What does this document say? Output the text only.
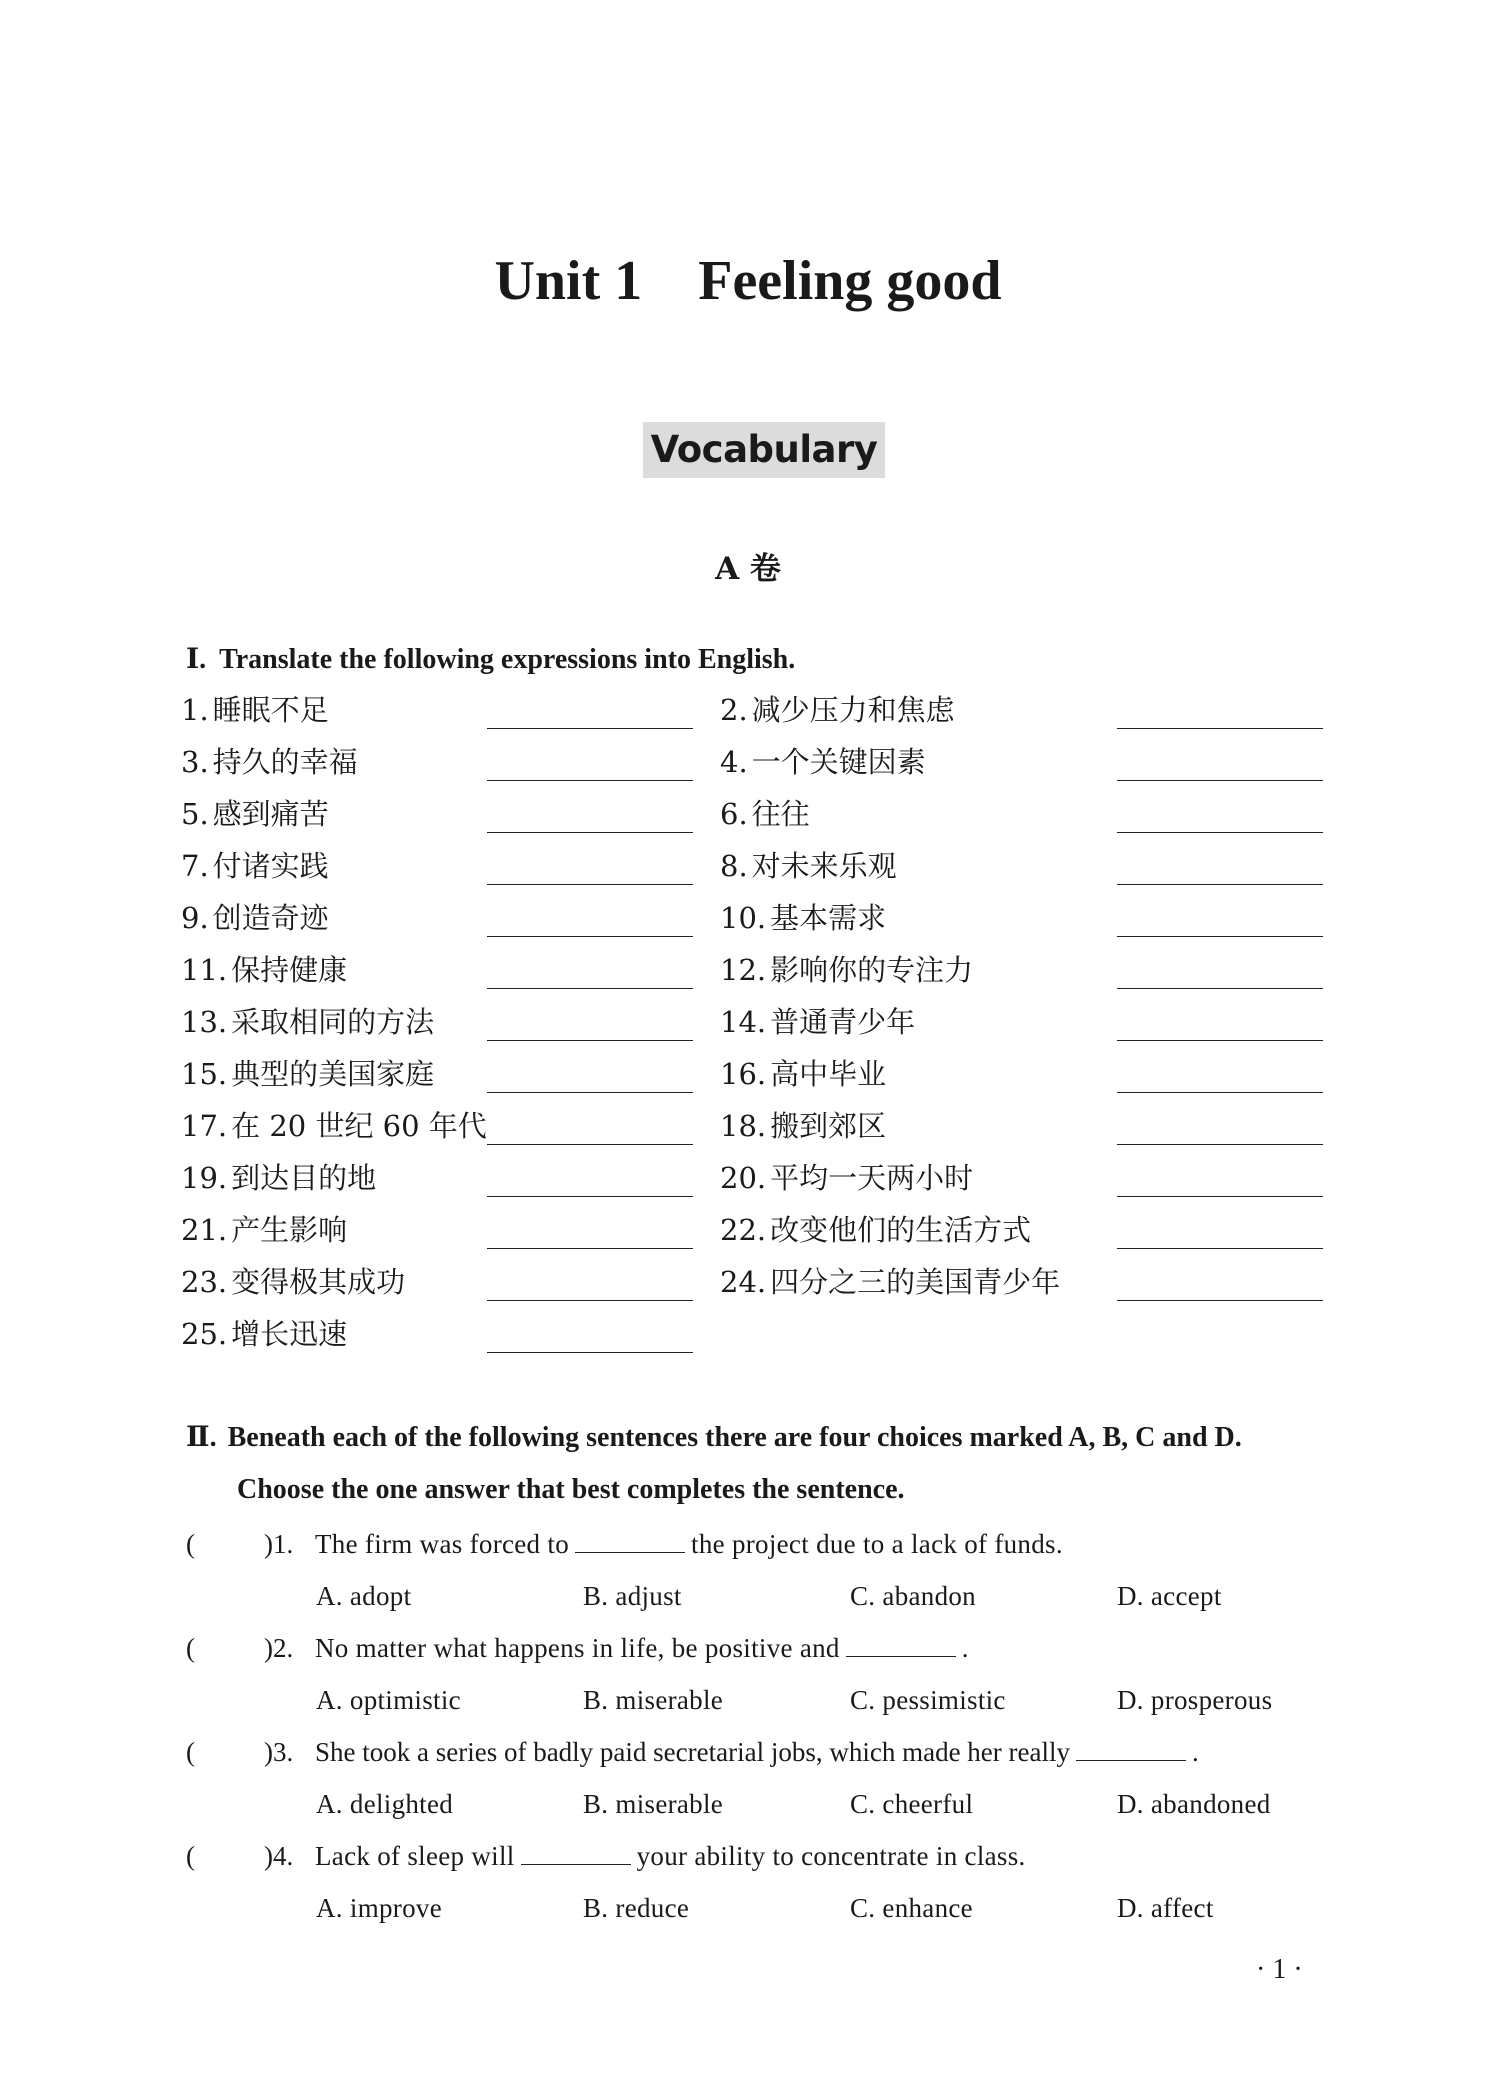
Unit 1    Feeling good
Vocabulary
A 卷
Ⅰ. Translate the following expressions into English.
1. 睡眠不足	2. 减少压力和焦虑
3. 持久的幸福	4. 一个关键因素
5. 感到痛苦	6. 往往
7. 付诸实践	8. 对未来乐观
9. 创造奇迹	10. 基本需求
11. 保持健康	12. 影响你的专注力
13. 采取相同的方法	14. 普通青少年
15. 典型的美国家庭	16. 高中毕业
17. 在 20 世纪 60 年代	18. 搬到郊区
19. 到达目的地	20. 平均一天两小时
21. 产生影响	22. 改变他们的生活方式
23. 变得极其成功	24. 四分之三的美国青少年
25. 增长迅速
Ⅱ. Beneath each of the following sentences there are four choices marked A, B, C and D.
Choose the one answer that best completes the sentence.
(	)1. The firm was forced to	the project due to a lack of funds.
A. adopt	B. adjust	C. abandon	D. accept
(	)2. No matter what happens in life, be positive and	.
A. optimistic	B. miserable	C. pessimistic	D. prosperous
(	)3. She took a series of badly paid secretarial jobs, which made her really	.
A. delighted	B. miserable	C. cheerful	D. abandoned
(	)4. Lack of sleep will	your ability to concentrate in class.
A. improve	B. reduce	C. enhance	D. affect
· 1 ·
